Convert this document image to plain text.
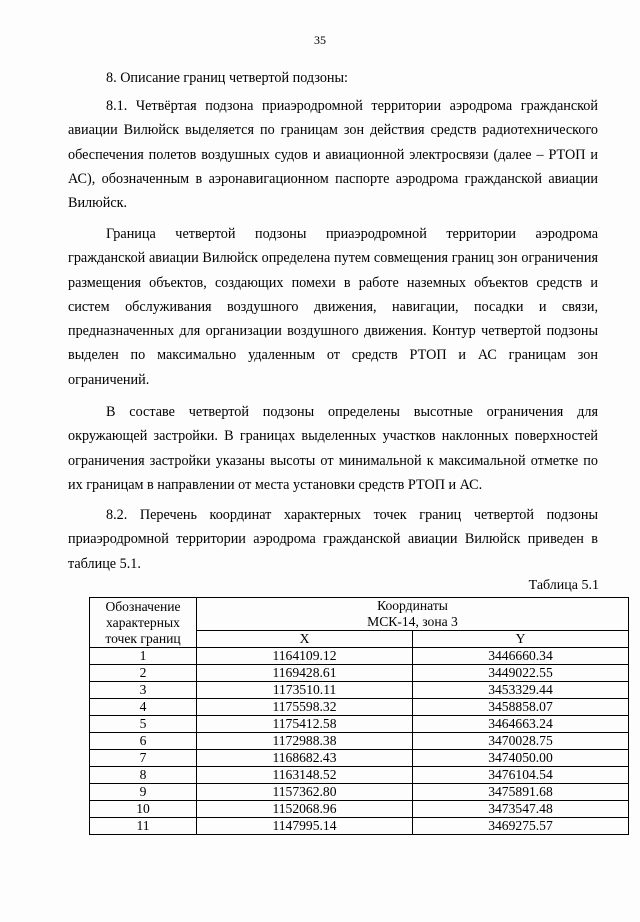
35
8. Описание границ четвертой подзоны:
8.1. Четвёртая подзона приаэродромной территории аэродрома гражданской авиации Вилюйск выделяется по границам зон действия средств радиотехнического обеспечения полетов воздушных судов и авиационной электросвязи (далее – РТОП и АС), обозначенным в аэронавигационном паспорте аэродрома гражданской авиации Вилюйск.
Граница четвертой подзоны приаэродромной территории аэродрома гражданской авиации Вилюйск определена путем совмещения границ зон ограничения размещения объектов, создающих помехи в работе наземных объектов средств и систем обслуживания воздушного движения, навигации, посадки и связи, предназначенных для организации воздушного движения. Контур четвертой подзоны выделен по максимально удаленным от средств РТОП и АС границам зон ограничений.
В составе четвертой подзоны определены высотные ограничения для окружающей застройки. В границах выделенных участков наклонных поверхностей ограничения застройки указаны высоты от минимальной к максимальной отметке по их границам в направлении от места установки средств РТОП и АС.
8.2. Перечень координат характерных точек границ четвертой подзоны приаэродромной территории аэродрома гражданской авиации Вилюйск приведен в таблице 5.1.
Таблица 5.1
Обозначение характерных точек границ	Координаты
МСК-14, зона 3	

	X	Y
1	1164109.12	3446660.34
2	1169428.61	3449022.55
3	1173510.11	3453329.44
4	1175598.32	3458858.07
5	1175412.58	3464663.24
6	1172988.38	3470028.75
7	1168682.43	3474050.00
8	1163148.52	3476104.54
9	1157362.80	3475891.68
10	1152068.96	3473547.48
11	1147995.14	3469275.57
